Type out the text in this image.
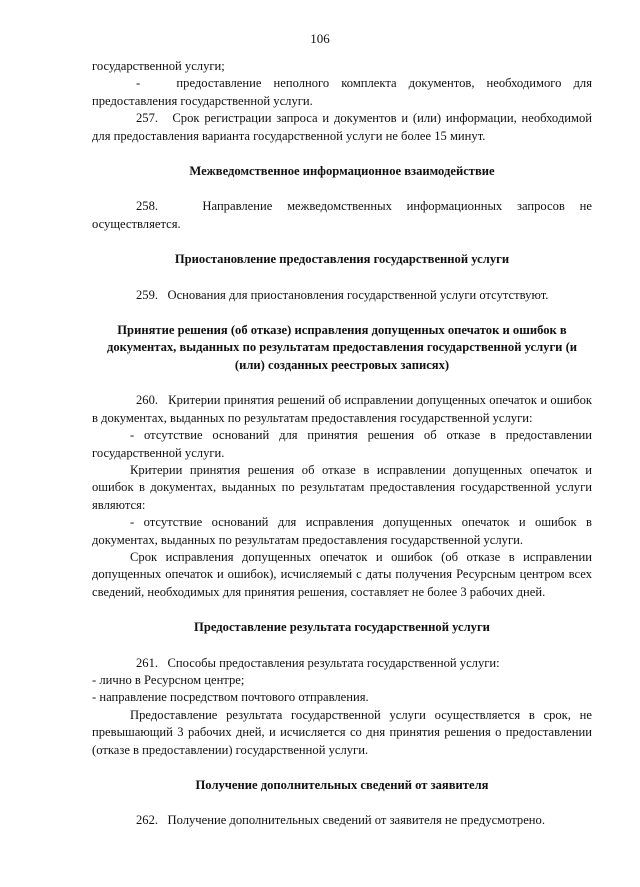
106

государственной услуги;

-   предоставление неполного комплекта документов, необходимого для предоставления государственной услуги.

257.   Срок регистрации запроса и документов и (или) информации, необходимой для предоставления варианта государственной услуги не более 15 минут.

Межведомственное информационное взаимодействие

258.   Направление межведомственных информационных запросов не осуществляется.

Приостановление предоставления государственной услуги

259.   Основания для приостановления государственной услуги отсутствуют.

Принятие решения (об отказе) исправления допущенных опечаток и ошибок в документах, выданных по результатам предоставления государственной услуги (и (или) созданных реестровых записях)

260.   Критерии принятия решений об исправлении допущенных опечаток и ошибок в документах, выданных по результатам предоставления государственной услуги:

- отсутствие оснований для принятия решения об отказе в предоставлении государственной услуги.

Критерии принятия решения об отказе в исправлении допущенных опечаток и ошибок в документах, выданных по результатам предоставления государственной услуги являются:

- отсутствие оснований для исправления допущенных опечаток и ошибок в документах, выданных по результатам предоставления государственной услуги.

Срок исправления допущенных опечаток и ошибок (об отказе в исправлении допущенных опечаток и ошибок), исчисляемый с даты получения Ресурсным центром всех сведений, необходимых для принятия решения, составляет не более 3 рабочих дней.

Предоставление результата государственной услуги

261.   Способы предоставления результата государственной услуги:

- лично в Ресурсном центре;

- направление посредством почтового отправления.

Предоставление результата государственной услуги осуществляется в срок, не превышающий 3 рабочих дней, и исчисляется со дня принятия решения о предоставлении (отказе в предоставлении) государственной услуги.

Получение дополнительных сведений от заявителя

262.   Получение дополнительных сведений от заявителя не предусмотрено.
